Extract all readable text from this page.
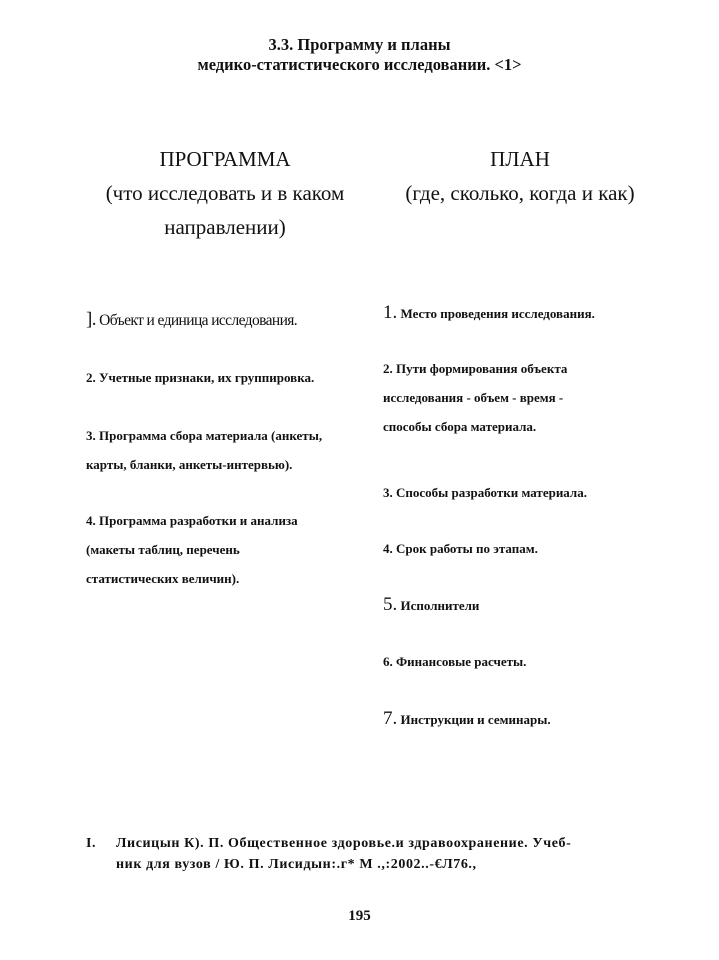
3.3. Программу и планы
медико-статистического исследовании. <1>
ПРОГРАММА
(что исследовать и в каком
направлении)
ПЛАН
(где, сколько, когда и как)
]. Объект и единица исследования.
2. Учетные признаки, их группировка.
3. Программа сбора материала (анкеты,
карты, бланки, анкеты-интервью).
4. Программа разработки и анализа
(макеты таблиц, перечень
статистических величин).
1. Место проведения исследования.
2. Пути формирования объекта
исследования - объем - время -
способы сбора материала.
3. Способы разработки материала.
4. Срок работы по этапам.
5. Исполнители
6. Финансовые расчеты.
7. Инструкции и семинары.
I. Лисицын К). П. Общественное здоровье.и здравоохранение. Учеб-
ник для вузов / Ю. П. Лисидын:.г* М .,:2002..-€Л76.,
195
